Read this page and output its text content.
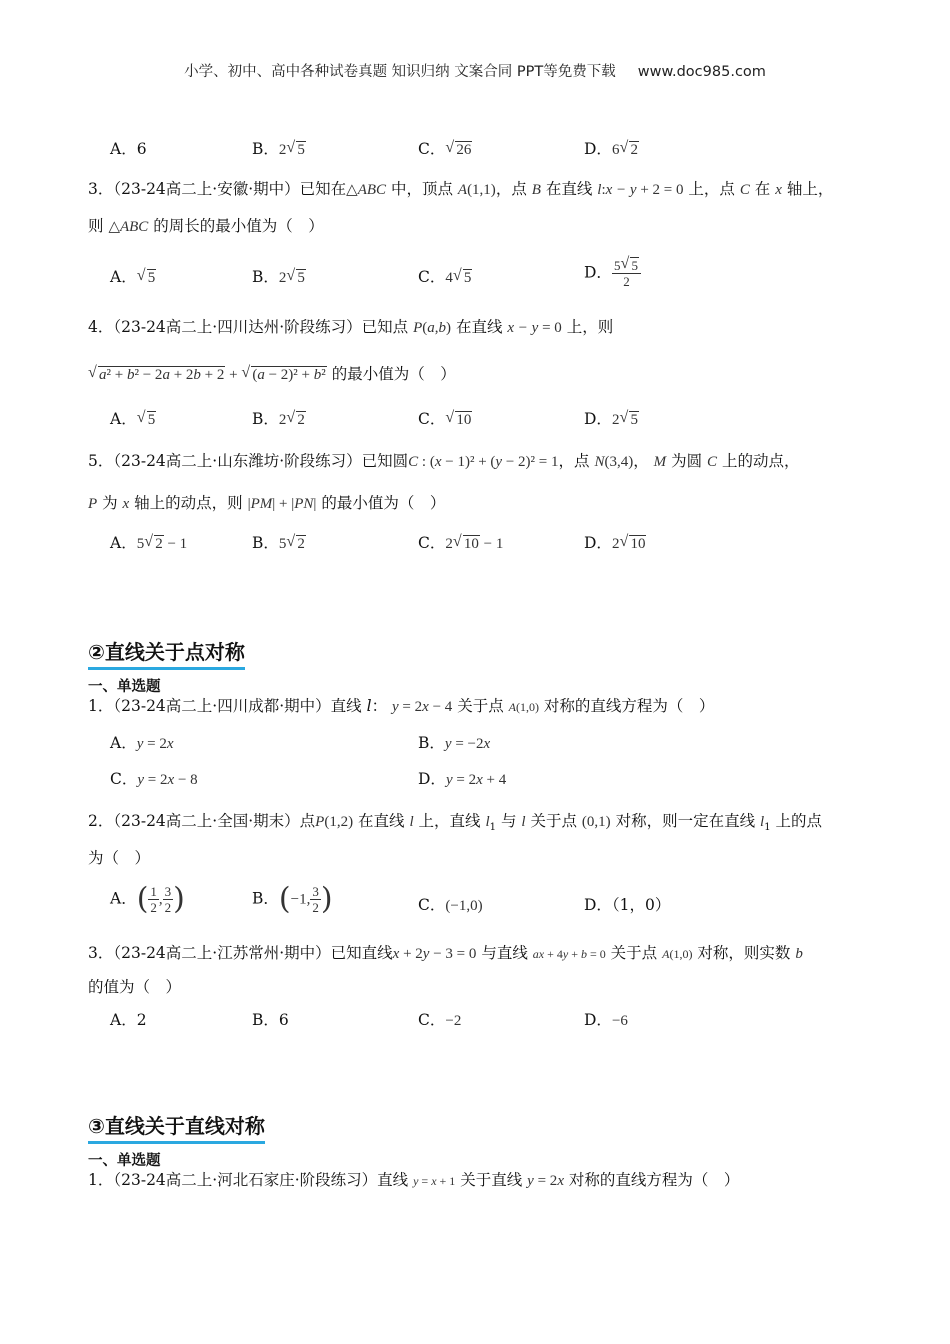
小学、初中、高中各种试卷真题 知识归纳 文案合同 PPT等免费下载 www.doc985.com
A．6	B．2 √ 5	C． √ 26	D．6 √ 2
3．（23-24高二上·安徽·期中）已知在△ABC 中，顶点 A(1,1)，点 B 在直线 l:x − y + 2 = 0 上，点 C 在 x 轴上，
则 △ABC 的周长的最小值为（　）
A． √ 5	B．2 √ 5	C．4 √ 5	D． $\frac{5 √ 5}{2}$
4．（23-24高二上·四川达州·阶段练习）已知点 P(a,b) 在直线 x − y = 0 上，则
√ a² + b² − 2a + 2b + 2 + √ (a − 2)² + b² 的最小值为（　）
A． √ 5	B．2 √ 2	C． √ 10	D．2 √ 5
5．（23-24高二上·山东潍坊·阶段练习）已知圆C : (x − 1)² + (y − 2)² = 1，点 N(3,4)， M 为圆 C 上的动点，
P 为 x 轴上的动点，则 |PM| + |PN| 的最小值为（　）
A．5 √ 2 − 1	B．5 √ 2	C．2 √ 10 − 1	D．2 √ 10
②直线关于点对称
一、单选题
1．（23-24高二上·四川成都·期中）直线 l： y = 2x − 4 关于点 A(1,0) 对称的直线方程为（　）
A．y = 2x	B．y = −2x
C．y = 2x − 8	D．y = 2x + 4
2．（23-24高二上·全国·期末）点P(1,2) 在直线 l 上，直线 $l_1$ 与 l 关于点 (0,1) 对称，则一定在直线 $l_1$ 上的点
为（　）
A．( $\frac{1}{2}$ , $\frac{3}{2}$ )	B．(−1, $\frac{3}{2}$ )	C．(−1,0)	D．（1，0）
3．（23-24高二上·江苏常州·期中）已知直线x + 2y − 3 = 0 与直线 ax + 4y + b = 0 关于点 A(1,0) 对称，则实数 b
的值为（　）
A．2	B．6	C．−2	D．−6
③直线关于直线对称
一、单选题
1．（23-24高二上·河北石家庄·阶段练习）直线 y = x + 1 关于直线 y = 2x 对称的直线方程为（　）
